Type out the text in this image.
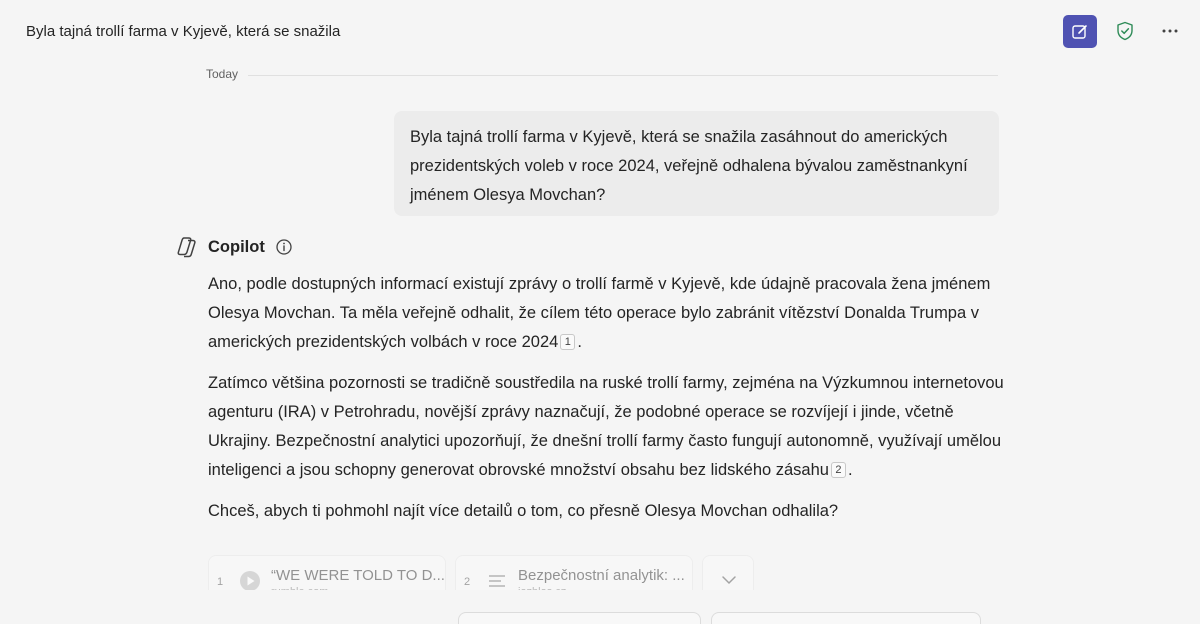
Byla tajná trollí farma v Kyjevě, která se snažila
Today
Byla tajná trollí farma v Kyjevě, která se snažila zasáhnout do amerických prezidentských voleb v roce 2024, veřejně odhalena bývalou zaměstnankyní jménem Olesya Movchan?
Copilot

Ano, podle dostupných informací existují zprávy o trollí farmě v Kyjevě, kde údajně pracovala žena jménem Olesya Movchan. Ta měla veřejně odhalit, že cílem této operace bylo zabránit vítězství Donalda Trumpa v amerických prezidentských volbách v roce 2024 1 .

Zatímco většina pozornosti se tradičně soustředila na ruské trollí farmy, zejména na Výzkumnou internetovou agenturu (IRA) v Petrohradu, novější zprávy naznačují, že podobné operace se rozvíjejí i jinde, včetně Ukrajiny. Bezpečnostní analytici upozorňují, že dnešní trollí farmy často fungují autonomně, využívají umělou inteligenci a jsou schopny generovat obrovské množství obsahu bez lidského zásahu 2 .

Chceš, abych ti pohmohl najít více detailů o tom, co přesně Olesya Movchan odhalila?

1	“WE WERE TOLD TO D... 2	Bezpečnostní analytik: ...
